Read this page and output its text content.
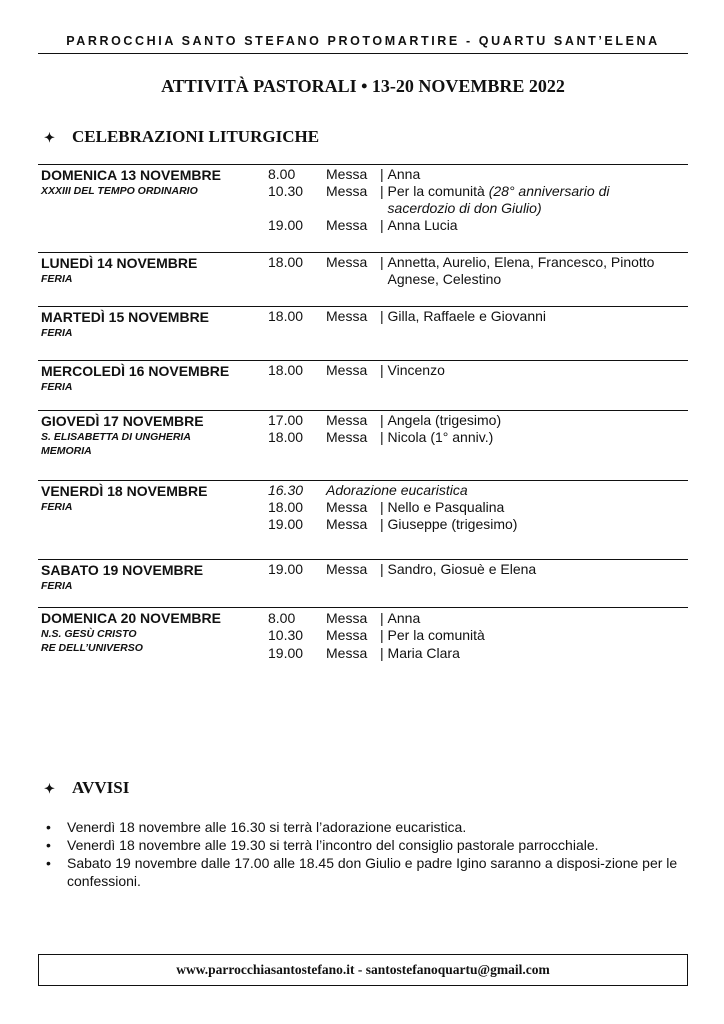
PARROCCHIA SANTO STEFANO PROTOMARTIRE - QUARTU SANT’ELENA
ATTIVITÀ PASTORALI • 13-20 NOVEMBRE 2022
✦ CELEBRAZIONI LITURGICHE
DOMENICA 13 NOVEMBRE
XXXIII DEL TEMPO ORDINARIO
8.00 Messa | Anna
10.30 Messa | Per la comunità (28° anniversario di sacerdozio di don Giulio)
19.00 Messa | Anna Lucia
LUNEDÌ 14 NOVEMBRE
FERIA
18.00 Messa | Annetta, Aurelio, Elena, Francesco, Pinotto Agnese, Celestino
MARTEDÌ 15 NOVEMBRE
FERIA
18.00 Messa | Gilla, Raffaele e Giovanni
MERCOLEDÌ 16 NOVEMBRE
FERIA
18.00 Messa | Vincenzo
GIOVEDÌ 17 NOVEMBRE
S. ELISABETTA DI UNGHERIA
MEMORIA
17.00 Messa | Angela (trigesimo)
18.00 Messa | Nicola (1° anniv.)
VENERDÌ 18 NOVEMBRE
FERIA
16.30 Adorazione eucaristica
18.00 Messa | Nello e Pasqualina
19.00 Messa | Giuseppe (trigesimo)
SABATO 19 NOVEMBRE
FERIA
19.00 Messa | Sandro, Giosuè e Elena
DOMENICA 20 NOVEMBRE
N.S. GESÙ CRISTO
RE DELL’UNIVERSO
8.00 Messa | Anna
10.30 Messa | Per la comunità
19.00 Messa | Maria Clara
✦ AVVISI
• Venerdì 18 novembre alle 16.30 si terrà l’adorazione eucaristica.
• Venerdì 18 novembre alle 19.30 si terrà l’incontro del consiglio pastorale parrocchiale.
• Sabato 19 novembre dalle 17.00 alle 18.45 don Giulio e padre Igino saranno a disposi-zione per le confessioni.
www.parrocchiasantostefano.it - santostefanoquartu@gmail.com
